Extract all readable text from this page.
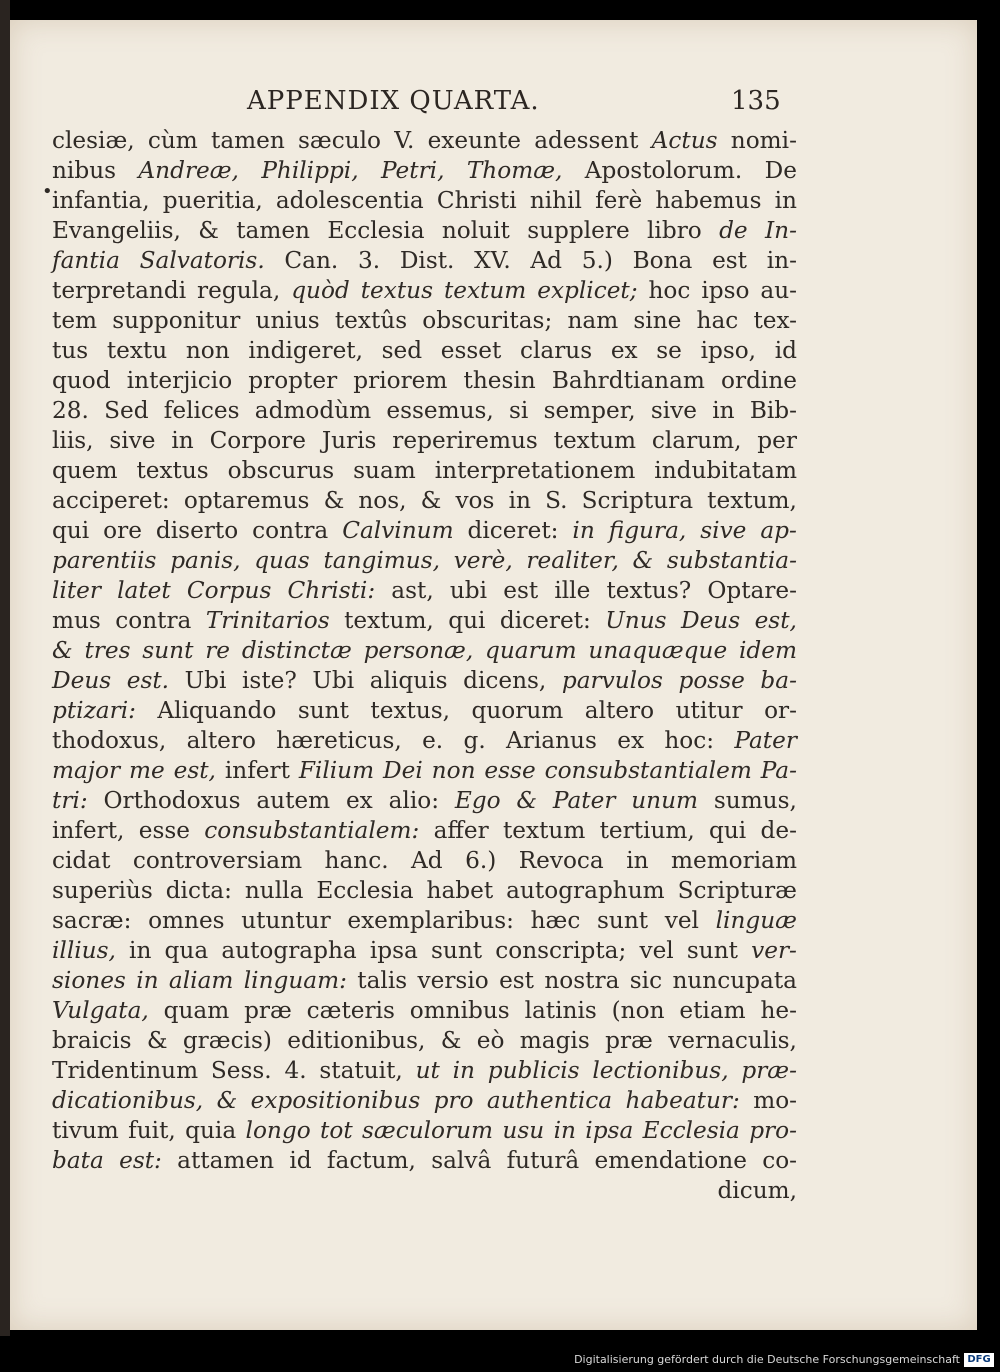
APPENDIX QUARTA.	135
•
clesiæ, cùm tamen sæculo V. exeunte adessent Actus nomi-
nibus Andreæ, Philippi, Petri, Thomæ, Apostolorum. De
infantia, pueritia, adolescentia Christi nihil ferè habemus in
Evangeliis, & tamen Ecclesia noluit supplere libro de In-
fantia Salvatoris. Can. 3. Dist. XV. Ad 5.) Bona est in-
terpretandi regula, quòd textus textum explicet; hoc ipso au-
tem supponitur unius textûs obscuritas; nam sine hac tex-
tus textu non indigeret, sed esset clarus ex se ipso, id
quod interjicio propter priorem thesin Bahrdtianam ordine
28. Sed felices admodùm essemus, si semper, sive in Bib-
liis, sive in Corpore Juris reperiremus textum clarum, per
quem textus obscurus suam interpretationem indubitatam
acciperet: optaremus & nos, & vos in S. Scriptura textum,
qui ore diserto contra Calvinum diceret: in figura, sive ap-
parentiis panis, quas tangimus, verè, realiter, & substantia-
liter latet Corpus Christi: ast, ubi est ille textus? Optare-
mus contra Trinitarios textum, qui diceret: Unus Deus est,
& tres sunt re distinctæ personæ, quarum unaquæque idem
Deus est. Ubi iste? Ubi aliquis dicens, parvulos posse ba-
ptizari: Aliquando sunt textus, quorum altero utitur or-
thodoxus, altero hæreticus, e. g. Arianus ex hoc: Pater
major me est, infert Filium Dei non esse consubstantialem Pa-
tri: Orthodoxus autem ex alio: Ego & Pater unum sumus,
infert, esse consubstantialem: affer textum tertium, qui de-
cidat controversiam hanc. Ad 6.) Revoca in memoriam
superiùs dicta: nulla Ecclesia habet autographum Scripturæ
sacræ: omnes utuntur exemplaribus: hæc sunt vel linguæ
illius, in qua autographa ipsa sunt conscripta; vel sunt ver-
siones in aliam linguam: talis versio est nostra sic nuncupata
Vulgata, quam præ cæteris omnibus latinis (non etiam he-
braicis & græcis) editionibus, & eò magis præ vernaculis,
Tridentinum Sess. 4. statuit, ut in publicis lectionibus, præ-
dicationibus, & expositionibus pro authentica habeatur: mo-
tivum fuit, quia longo tot sæculorum usu in ipsa Ecclesia pro-
bata est: attamen id factum, salvâ futurâ emendatione co-
dicum,
Digitalisierung gefördert durch die Deutsche Forschungsgemeinschaft DFG
